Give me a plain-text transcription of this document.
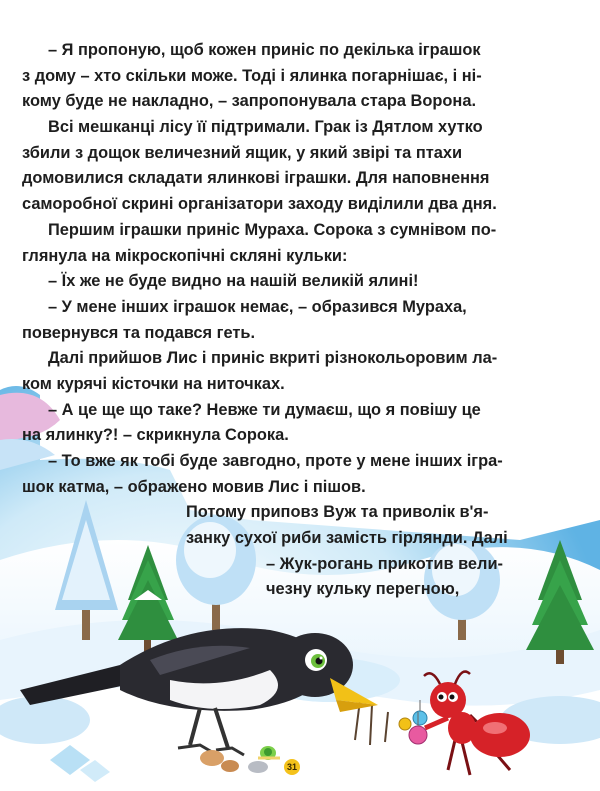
– Я пропоную, щоб кожен приніс по декілька іграшок
з дому – хто скільки може. Тоді і ялинка погарнішає, і ні-
кому буде не накладно, – запропонувала стара Ворона.
Всі мешканці лісу її підтримали. Грак із Дятлом хутко
збили з дощок величезний ящик, у який звірі та птахи
домовилися складати ялинкові іграшки. Для наповнення
саморобної скрині організатори заходу виділили два дня.
Першим іграшки приніс Мураха. Сорока з сумнівом по-
глянула на мікроскопічні скляні кульки:
– Їх же не буде видно на нашій великій ялині!
– У мене інших іграшок немає, – образився Мураха,
повернувся та подався геть.
Далі прийшов Лис і приніс вкриті різнокольоровим ла-
ком курячі кісточки на ниточках.
– А це ще що таке? Невже ти думаєш, що я повішу це
на ялинку?! – скрикнула Сорока.
– То вже як тобі буде завгодно, проте у мене інших ігра-
шок катма, – ображено мовив Лис і пішов.
Потому приповз Вуж та приволік в'я-
занку сухої риби замість гірлянди. Далі
– Жук-рогань прикотив вели-
чезну кульку перегною,
31
